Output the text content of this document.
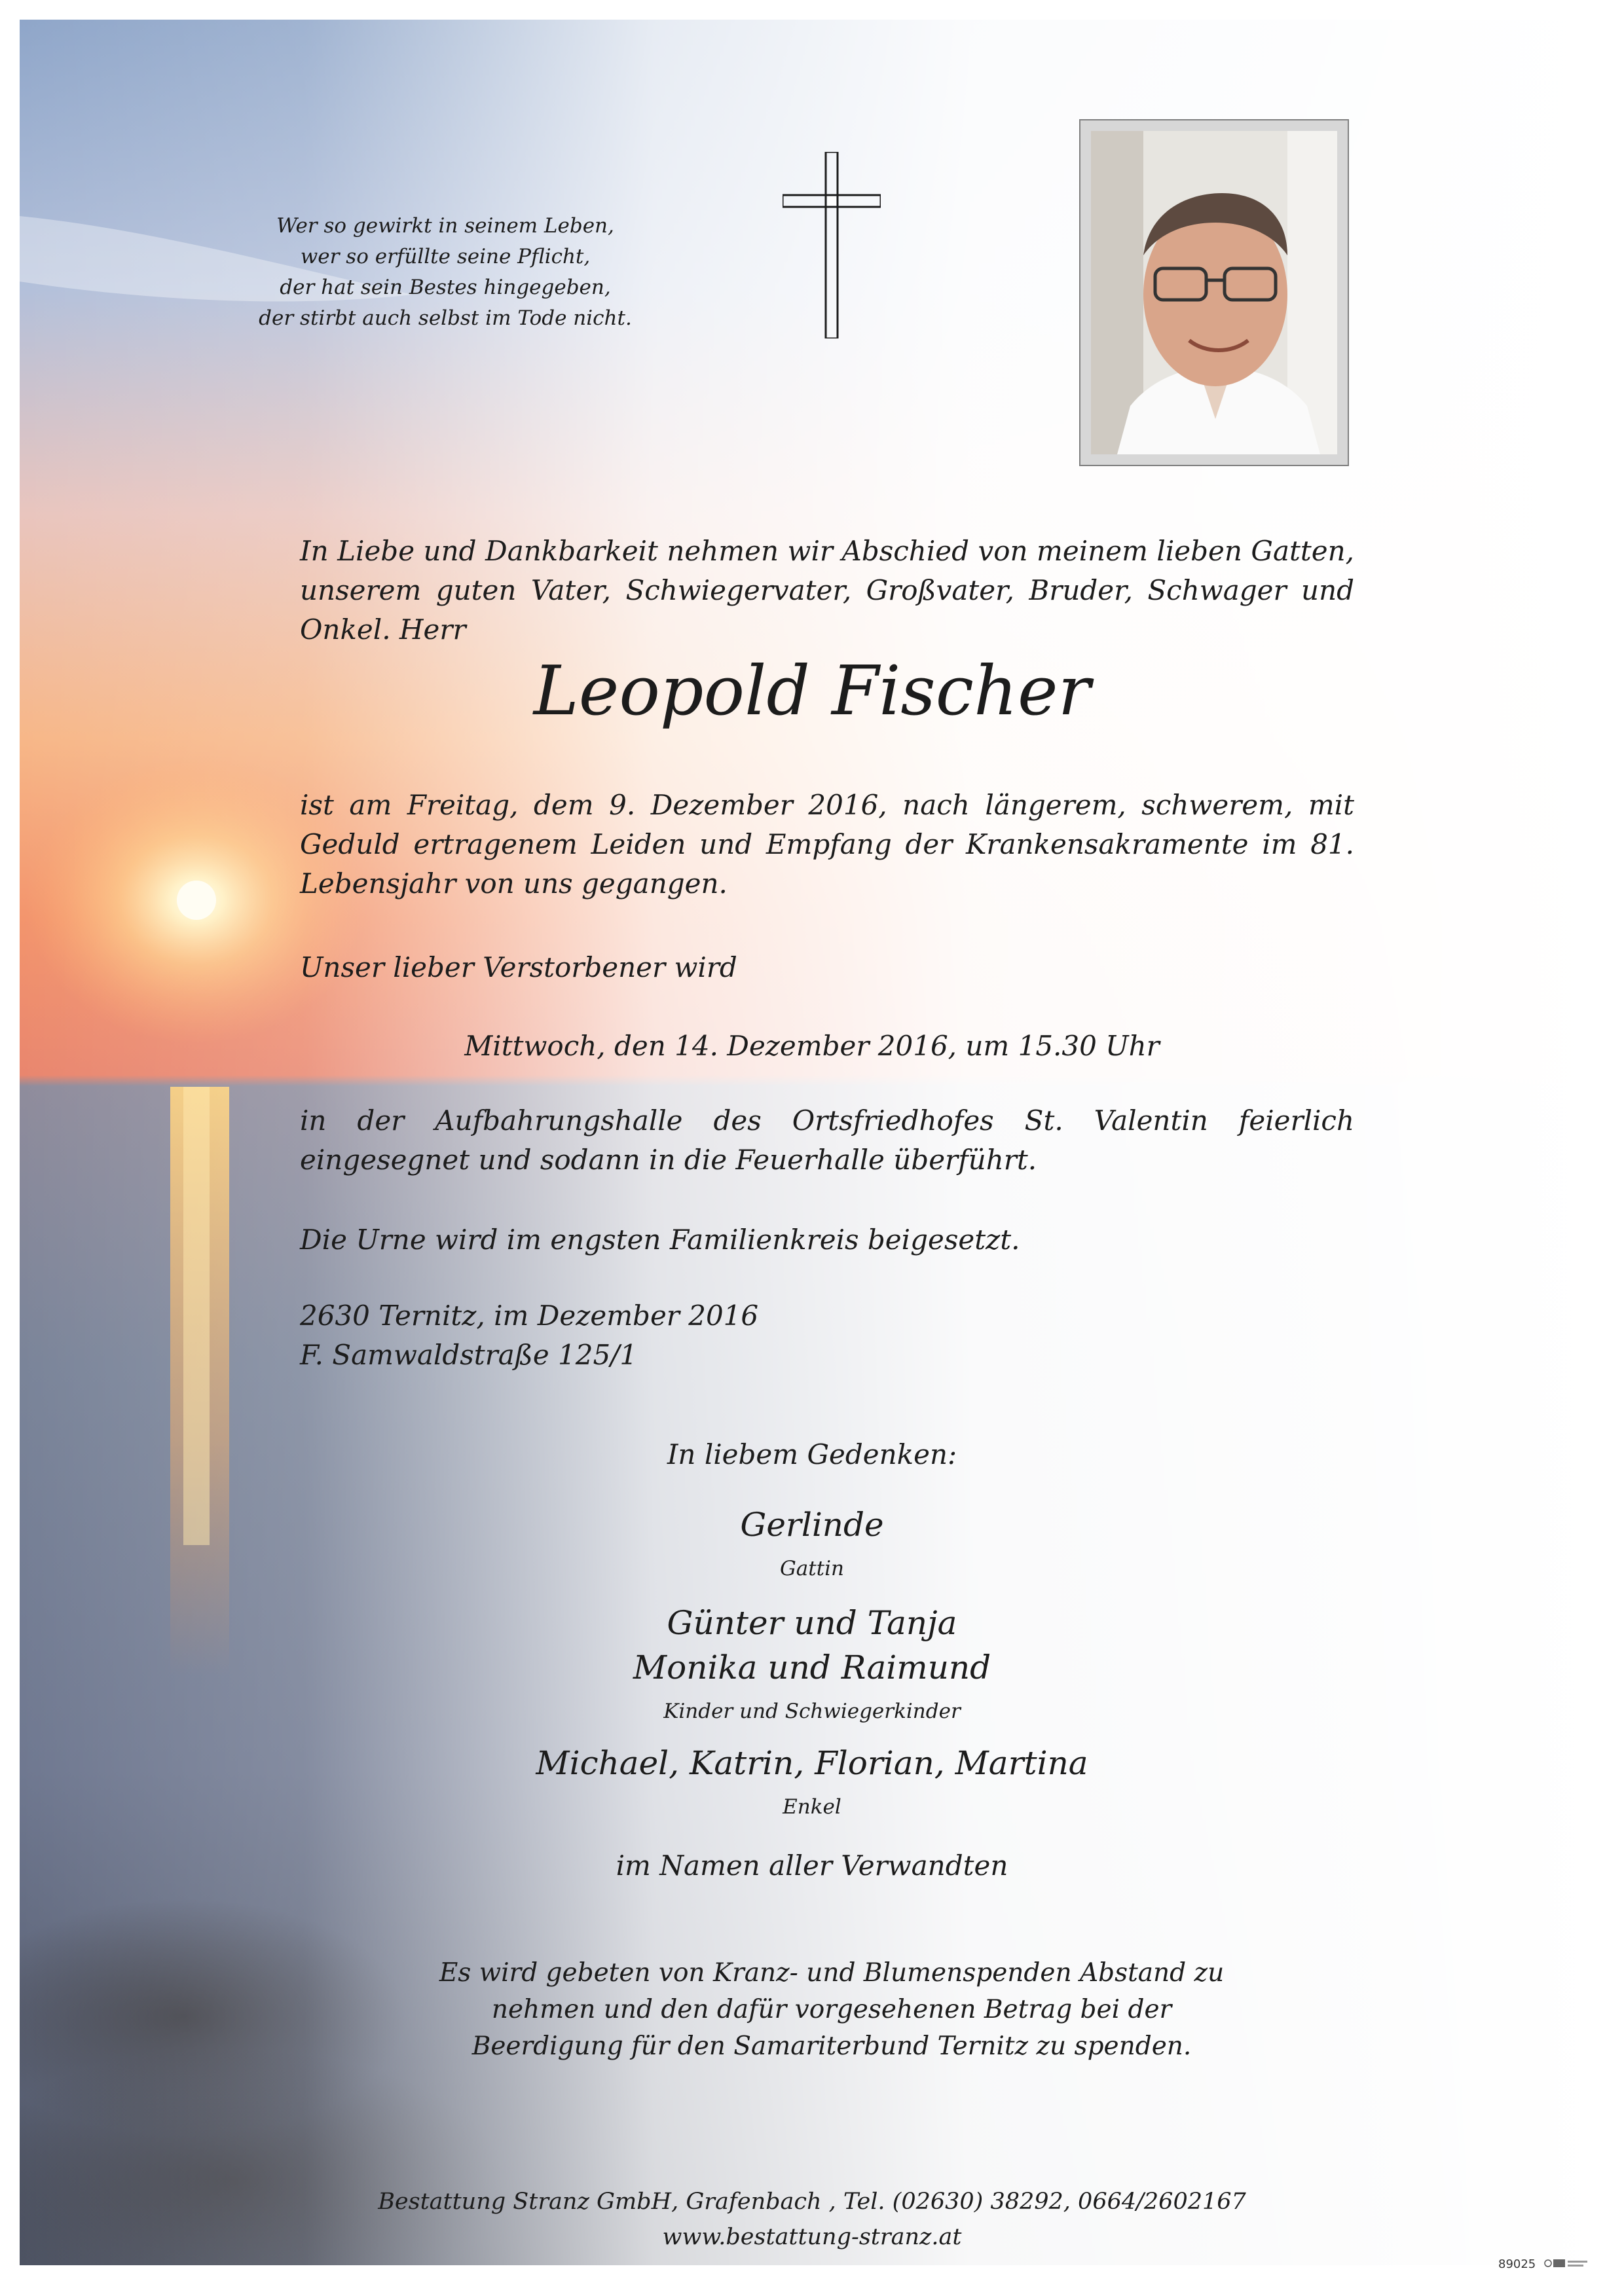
Wer so gewirkt in seinem Leben,
wer so erfüllte seine Pflicht,
der hat sein Bestes hingegeben,
der stirbt auch selbst im Tode nicht.

In Liebe und Dankbarkeit nehmen wir Abschied von meinem lieben Gatten, unserem guten Vater, Schwiegervater, Großvater, Bruder, Schwager und Onkel. Herr

Leopold Fischer

ist am Freitag, dem 9. Dezember 2016, nach längerem, schwerem, mit Geduld ertragenem Leiden und Empfang der Krankensakramente im 81. Lebensjahr von uns gegangen.

Unser lieber Verstorbener wird

Mittwoch, den 14. Dezember 2016, um 15.30 Uhr

in der Aufbahrungshalle des Ortsfriedhofes St. Valentin feierlich eingesegnet und sodann in die Feuerhalle überführt.

Die Urne wird im engsten Familienkreis beigesetzt.

2630 Ternitz, im Dezember 2016

F. Samwaldstraße 125/1

In liebem Gedenken:

Gerlinde

Gattin

Günter und Tanja

Monika und Raimund

Kinder und Schwiegerkinder

Michael, Katrin, Florian, Martina

Enkel

im Namen aller Verwandten

Es wird gebeten von Kranz- und Blumenspenden Abstand zu nehmen und den dafür vorgesehenen Betrag bei der Beerdigung für den Samariterbund Ternitz zu spenden.

Bestattung Stranz GmbH, Grafenbach , Tel. (02630) 38292, 0664/2602167

www.bestattung-stranz.at

89025
